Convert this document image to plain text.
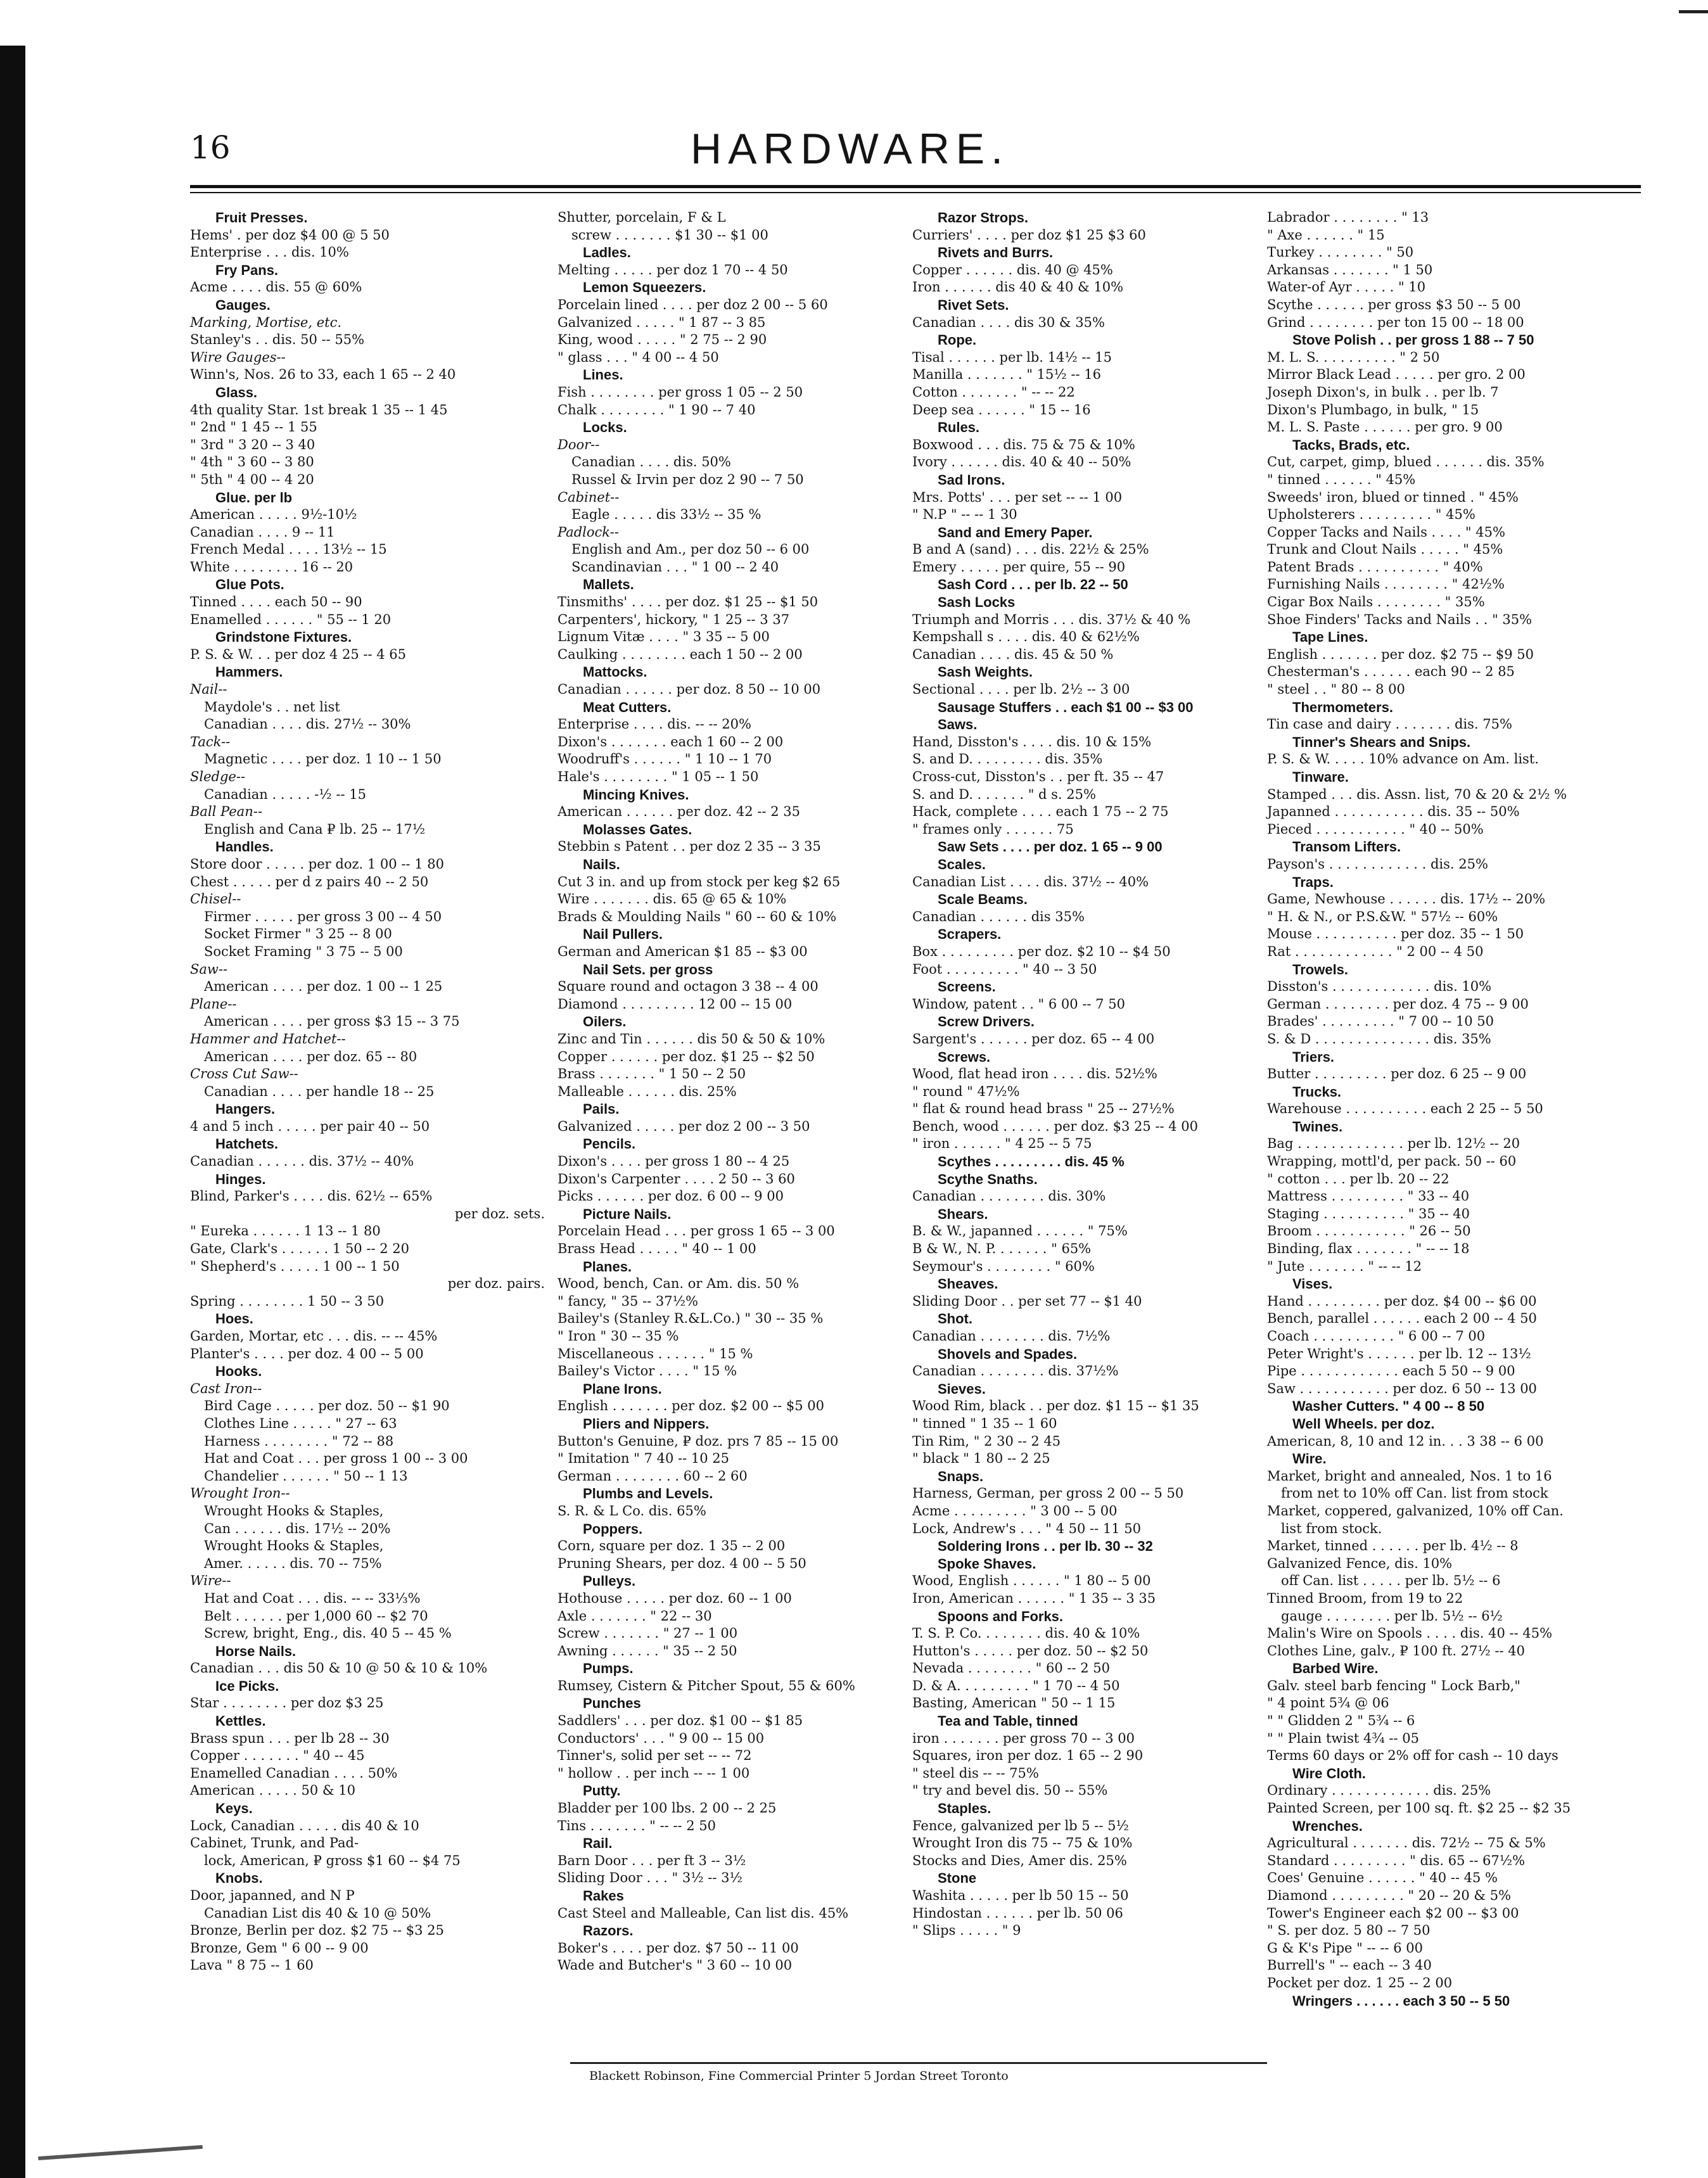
16	HARDWARE.
Fruit Presses.
Hems' . per doz $4 00 @ 5 50
Enterprise . . . dis. 10%
Fry Pans.
Acme . . . . dis. 55 @ 60%
Gauges.
Marking, Mortise, etc.
Stanley's . . dis. 50 -- 55%
Wire Gauges--
Winn's, Nos. 26 to 33, each 1 65 -- 2 40
Glass.
4th quality Star. 1st break 1 35 -- 1 45
" 2nd " 1 45 -- 1 55
" 3rd " 3 20 -- 3 40
" 4th " 3 60 -- 3 80
" 5th " 4 00 -- 4 20
Glue. per lb
American . . . . . 9½-10½
Canadian . . . . 9 -- 11
French Medal . . . . 13½ -- 15
White . . . . . . . . 16 -- 20
Glue Pots.
Tinned . . . . each 50 -- 90
Enamelled . . . . . . " 55 -- 1 20
Grindstone Fixtures.
P. S. & W. . . per doz 4 25 -- 4 65
Hammers.
Nail--
Maydole's . . net list
Canadian . . . . dis. 27½ -- 30%
Tack--
Magnetic . . . . per doz. 1 10 -- 1 50
Sledge--
Canadian . . . . . -½ -- 15
Ball Pean--
English and Cana ₽ lb. 25 -- 17½
Handles.
Store door . . . . . per doz. 1 00 -- 1 80
Chest . . . . . per d z pairs 40 -- 2 50
Chisel--
Firmer . . . . . per gross 3 00 -- 4 50
Socket Firmer " 3 25 -- 8 00
Socket Framing " 3 75 -- 5 00
Saw--
American . . . . per doz. 1 00 -- 1 25
Plane--
American . . . . per gross $3 15 -- 3 75
Hammer and Hatchet--
American . . . . per doz. 65 -- 80
Cross Cut Saw--
Canadian . . . . per handle 18 -- 25
Hangers.
4 and 5 inch . . . . . per pair 40 -- 50
Hatchets.
Canadian . . . . . . dis. 37½ -- 40%
Hinges.
Blind, Parker's . . . . dis. 62½ -- 65%
per doz. sets.
" Eureka . . . . . . 1 13 -- 1 80
Gate, Clark's . . . . . . 1 50 -- 2 20
" Shepherd's . . . . . 1 00 -- 1 50
per doz. pairs.
Spring . . . . . . . . 1 50 -- 3 50
Hoes.
Garden, Mortar, etc . . . dis. -- -- 45%
Planter's . . . . per doz. 4 00 -- 5 00
Hooks.
Cast Iron--
Bird Cage . . . . . per doz. 50 -- $1 90
Clothes Line . . . . . " 27 -- 63
Harness . . . . . . . . " 72 -- 88
Hat and Coat . . . per gross 1 00 -- 3 00
Chandelier . . . . . . " 50 -- 1 13
Wrought Iron--
Wrought Hooks & Staples,
Can . . . . . . dis. 17½ -- 20%
Wrought Hooks & Staples,
Amer. . . . . . dis. 70 -- 75%
Wire--
Hat and Coat . . . dis. -- -- 33⅓%
Belt . . . . . . per 1,000 60 -- $2 70
Screw, bright, Eng., dis. 40 5 -- 45 %
Horse Nails.
Canadian . . . dis 50 & 10 @ 50 & 10 & 10%
Ice Picks.
Star . . . . . . . . per doz $3 25
Kettles.
Brass spun . . . per lb 28 -- 30
Copper . . . . . . . " 40 -- 45
Enamelled Canadian . . . . 50%
American . . . . . 50 & 10
Keys.
Lock, Canadian . . . . . dis 40 & 10
Cabinet, Trunk, and Pad-
lock, American, ₽ gross $1 60 -- $4 75
Knobs.
Door, japanned, and N P
Canadian List dis 40 & 10 @ 50%
Bronze, Berlin per doz. $2 75 -- $3 25
Bronze, Gem " 6 00 -- 9 00
Lava " 8 75 -- 1 60
Shutter, porcelain, F & L
screw . . . . . . . $1 30 -- $1 00
Ladles.
Melting . . . . . per doz 1 70 -- 4 50
Lemon Squeezers.
Porcelain lined . . . . per doz 2 00 -- 5 60
Galvanized . . . . . " 1 87 -- 3 85
King, wood . . . . . " 2 75 -- 2 90
" glass . . . " 4 00 -- 4 50
Lines.
Fish . . . . . . . . per gross 1 05 -- 2 50
Chalk . . . . . . . . " 1 90 -- 7 40
Locks.
Door--
Canadian . . . . dis. 50%
Russel & Irvin per doz 2 90 -- 7 50
Cabinet--
Eagle . . . . . dis 33½ -- 35 %
Padlock--
English and Am., per doz 50 -- 6 00
Scandinavian . . . " 1 00 -- 2 40
Mallets.
Tinsmiths' . . . . per doz. $1 25 -- $1 50
Carpenters', hickory, " 1 25 -- 3 37
Lignum Vitæ . . . . " 3 35 -- 5 00
Caulking . . . . . . . . each 1 50 -- 2 00
Mattocks.
Canadian . . . . . . per doz. 8 50 -- 10 00
Meat Cutters.
Enterprise . . . . dis. -- -- 20%
Dixon's . . . . . . . each 1 60 -- 2 00
Woodruff's . . . . . . " 1 10 -- 1 70
Hale's . . . . . . . . " 1 05 -- 1 50
Mincing Knives.
American . . . . . . per doz. 42 -- 2 35
Molasses Gates.
Stebbin s Patent . . per doz 2 35 -- 3 35
Nails.
Cut 3 in. and up from stock per keg $2 65
Wire . . . . . . . dis. 65 @ 65 & 10%
Brads & Moulding Nails " 60 -- 60 & 10%
Nail Pullers.
German and American $1 85 -- $3 00
Nail Sets. per gross
Square round and octagon 3 38 -- 4 00
Diamond . . . . . . . . . 12 00 -- 15 00
Oilers.
Zinc and Tin . . . . . . dis 50 & 50 & 10%
Copper . . . . . . per doz. $1 25 -- $2 50
Brass . . . . . . . " 1 50 -- 2 50
Malleable . . . . . . dis. 25%
Pails.
Galvanized . . . . . per doz 2 00 -- 3 50
Pencils.
Dixon's . . . . per gross 1 80 -- 4 25
Dixon's Carpenter . . . . 2 50 -- 3 60
Picks . . . . . . per doz. 6 00 -- 9 00
Picture Nails.
Porcelain Head . . . per gross 1 65 -- 3 00
Brass Head . . . . . " 40 -- 1 00
Planes.
Wood, bench, Can. or Am. dis. 50 %
" fancy, " 35 -- 37½%
Bailey's (Stanley R.&L.Co.) " 30 -- 35 %
" Iron " 30 -- 35 %
Miscellaneous . . . . . . " 15 %
Bailey's Victor . . . . " 15 %
Plane Irons.
English . . . . . . . per doz. $2 00 -- $5 00
Pliers and Nippers.
Button's Genuine, ₽ doz. prs 7 85 -- 15 00
" Imitation " 7 40 -- 10 25
German . . . . . . . . 60 -- 2 60
Plumbs and Levels.
S. R. & L Co. dis. 65%
Poppers.
Corn, square per doz. 1 35 -- 2 00
Pruning Shears, per doz. 4 00 -- 5 50
Pulleys.
Hothouse . . . . . per doz. 60 -- 1 00
Axle . . . . . . . " 22 -- 30
Screw . . . . . . . " 27 -- 1 00
Awning . . . . . . " 35 -- 2 50
Pumps.
Rumsey, Cistern & Pitcher Spout, 55 & 60%
Punches
Saddlers' . . . per doz. $1 00 -- $1 85
Conductors' . . . " 9 00 -- 15 00
Tinner's, solid per set -- -- 72
" hollow . . per inch -- -- 1 00
Putty.
Bladder per 100 lbs. 2 00 -- 2 25
Tins . . . . . . . " -- -- 2 50
Rail.
Barn Door . . . per ft 3 -- 3½
Sliding Door . . . " 3½ -- 3½
Rakes
Cast Steel and Malleable, Can list dis. 45%
Razors.
Boker's . . . . per doz. $7 50 -- 11 00
Wade and Butcher's " 3 60 -- 10 00
Razor Strops.
Curriers' . . . . per doz $1 25 $3 60
Rivets and Burrs.
Copper . . . . . . dis. 40 @ 45%
Iron . . . . . . dis 40 & 40 & 10%
Rivet Sets.
Canadian . . . . dis 30 & 35%
Rope.
Tisal . . . . . . per lb. 14½ -- 15
Manilla . . . . . . . " 15½ -- 16
Cotton . . . . . . . " -- -- 22
Deep sea . . . . . . " 15 -- 16
Rules.
Boxwood . . . dis. 75 & 75 & 10%
Ivory . . . . . . dis. 40 & 40 -- 50%
Sad Irons.
Mrs. Potts' . . . per set -- -- 1 00
" N.P " -- -- 1 30
Sand and Emery Paper.
B and A (sand) . . . dis. 22½ & 25%
Emery . . . . . per quire, 55 -- 90
Sash Cord . . . per lb. 22 -- 50
Sash Locks
Triumph and Morris . . . dis. 37½ & 40 %
Kempshall s . . . . dis. 40 & 62½%
Canadian . . . . dis. 45 & 50 %
Sash Weights.
Sectional . . . . per lb. 2½ -- 3 00
Sausage Stuffers . . each $1 00 -- $3 00
Saws.
Hand, Disston's . . . . dis. 10 & 15%
S. and D. . . . . . . . . dis. 35%
Cross-cut, Disston's . . per ft. 35 -- 47
S. and D. . . . . . . " d s. 25%
Hack, complete . . . . each 1 75 -- 2 75
" frames only . . . . . . 75
Saw Sets . . . . per doz. 1 65 -- 9 00
Scales.
Canadian List . . . . dis. 37½ -- 40%
Scale Beams.
Canadian . . . . . . dis 35%
Scrapers.
Box . . . . . . . . . per doz. $2 10 -- $4 50
Foot . . . . . . . . . " 40 -- 3 50
Screens.
Window, patent . . " 6 00 -- 7 50
Screw Drivers.
Sargent's . . . . . . per doz. 65 -- 4 00
Screws.
Wood, flat head iron . . . . dis. 52½%
" round " 47½%
" flat & round head brass " 25 -- 27½%
Bench, wood . . . . . . per doz. $3 25 -- 4 00
" iron . . . . . . " 4 25 -- 5 75
Scythes . . . . . . . . . dis. 45 %
Scythe Snaths.
Canadian . . . . . . . . dis. 30%
Shears.
B. & W., japanned . . . . . . " 75%
B & W., N. P. . . . . . . " 65%
Seymour's . . . . . . . . " 60%
Sheaves.
Sliding Door . . per set 77 -- $1 40
Shot.
Canadian . . . . . . . . dis. 7½%
Shovels and Spades.
Canadian . . . . . . . . dis. 37½%
Sieves.
Wood Rim, black . . per doz. $1 15 -- $1 35
" tinned " 1 35 -- 1 60
Tin Rim, " 2 30 -- 2 45
" black " 1 80 -- 2 25
Snaps.
Harness, German, per gross 2 00 -- 5 50
Acme . . . . . . . . . " 3 00 -- 5 00
Lock, Andrew's . . . " 4 50 -- 11 50
Soldering Irons . . per lb. 30 -- 32
Spoke Shaves.
Wood, English . . . . . . " 1 80 -- 5 00
Iron, American . . . . . . " 1 35 -- 3 35
Spoons and Forks.
T. S. P. Co. . . . . . . . dis. 40 & 10%
Hutton's . . . . . per doz. 50 -- $2 50
Nevada . . . . . . . . " 60 -- 2 50
D. & A. . . . . . . . . " 1 70 -- 4 50
Basting, American " 50 -- 1 15
Tea and Table, tinned
iron . . . . . . . per gross 70 -- 3 00
Squares, iron per doz. 1 65 -- 2 90
" steel dis -- -- 75%
" try and bevel dis. 50 -- 55%
Staples.
Fence, galvanized per lb 5 -- 5½
Wrought Iron dis 75 -- 75 & 10%
Stocks and Dies, Amer dis. 25%
Stone
Washita . . . . . per lb 50 15 -- 50
Hindostan . . . . . . per lb. 50 06
" Slips . . . . . " 9
Labrador . . . . . . . . " 13
" Axe . . . . . . " 15
Turkey . . . . . . . . " 50
Arkansas . . . . . . . " 1 50
Water-of Ayr . . . . . " 10
Scythe . . . . . . per gross $3 50 -- 5 00
Grind . . . . . . . . per ton 15 00 -- 18 00
Stove Polish . . per gross 1 88 -- 7 50
M. L. S. . . . . . . . . . " 2 50
Mirror Black Lead . . . . . per gro. 2 00
Joseph Dixon's, in bulk . . per lb. 7
Dixon's Plumbago, in bulk, " 15
M. L. S. Paste . . . . . . per gro. 9 00
Tacks, Brads, etc.
Cut, carpet, gimp, blued . . . . . . dis. 35%
" tinned . . . . . . " 45%
Sweeds' iron, blued or tinned . " 45%
Upholsterers . . . . . . . . . " 45%
Copper Tacks and Nails . . . . " 45%
Trunk and Clout Nails . . . . . " 45%
Patent Brads . . . . . . . . . . " 40%
Furnishing Nails . . . . . . . . " 42½%
Cigar Box Nails . . . . . . . . " 35%
Shoe Finders' Tacks and Nails . . " 35%
Tape Lines.
English . . . . . . . per doz. $2 75 -- $9 50
Chesterman's . . . . . . each 90 -- 2 85
" steel . . " 80 -- 8 00
Thermometers.
Tin case and dairy . . . . . . . dis. 75%
Tinner's Shears and Snips.
P. S. & W. . . . . 10% advance on Am. list.
Tinware.
Stamped . . . dis. Assn. list, 70 & 20 & 2½ %
Japanned . . . . . . . . . . . dis. 35 -- 50%
Pieced . . . . . . . . . . . " 40 -- 50%
Transom Lifters.
Payson's . . . . . . . . . . . . dis. 25%
Traps.
Game, Newhouse . . . . . . dis. 17½ -- 20%
" H. & N., or P.S.&W. " 57½ -- 60%
Mouse . . . . . . . . . . per doz. 35 -- 1 50
Rat . . . . . . . . . . . . " 2 00 -- 4 50
Trowels.
Disston's . . . . . . . . . . . . dis. 10%
German . . . . . . . . per doz. 4 75 -- 9 00
Brades' . . . . . . . . . " 7 00 -- 10 50
S. & D . . . . . . . . . . . . . . dis. 35%
Triers.
Butter . . . . . . . . . per doz. 6 25 -- 9 00
Trucks.
Warehouse . . . . . . . . . . each 2 25 -- 5 50
Twines.
Bag . . . . . . . . . . . . . per lb. 12½ -- 20
Wrapping, mottl'd, per pack. 50 -- 60
" cotton . . . per lb. 20 -- 22
Mattress . . . . . . . . . " 33 -- 40
Staging . . . . . . . . . . " 35 -- 40
Broom . . . . . . . . . . . " 26 -- 50
Binding, flax . . . . . . . " -- -- 18
" Jute . . . . . . . " -- -- 12
Vises.
Hand . . . . . . . . . per doz. $4 00 -- $6 00
Bench, parallel . . . . . . each 2 00 -- 4 50
Coach . . . . . . . . . . " 6 00 -- 7 00
Peter Wright's . . . . . . per lb. 12 -- 13½
Pipe . . . . . . . . . . . . each 5 50 -- 9 00
Saw . . . . . . . . . . . per doz. 6 50 -- 13 00
Washer Cutters. " 4 00 -- 8 50
Well Wheels. per doz.
American, 8, 10 and 12 in. . . 3 38 -- 6 00
Wire.
Market, bright and annealed, Nos. 1 to 16
from net to 10% off Can. list from stock
Market, coppered, galvanized, 10% off Can.
list from stock.
Market, tinned . . . . . . per lb. 4½ -- 8
Galvanized Fence, dis. 10%
off Can. list . . . . . per lb. 5½ -- 6
Tinned Broom, from 19 to 22
gauge . . . . . . . . per lb. 5½ -- 6½
Malin's Wire on Spools . . . . dis. 40 -- 45%
Clothes Line, galv., ₽ 100 ft. 27½ -- 40
Barbed Wire.
Galv. steel barb fencing " Lock Barb,"
" 4 point 5¾ @ 06
" " Glidden 2 " 5¾ -- 6
" " Plain twist 4¾ -- 05
Terms 60 days or 2% off for cash -- 10 days
Wire Cloth.
Ordinary . . . . . . . . . . . . dis. 25%
Painted Screen, per 100 sq. ft. $2 25 -- $2 35
Wrenches.
Agricultural . . . . . . . dis. 72½ -- 75 & 5%
Standard . . . . . . . . . " dis. 65 -- 67½%
Coes' Genuine . . . . . . " 40 -- 45 %
Diamond . . . . . . . . . " 20 -- 20 & 5%
Tower's Engineer each $2 00 -- $3 00
" S. per doz. 5 80 -- 7 50
G & K's Pipe " -- -- 6 00
Burrell's " -- each -- 3 40
Pocket per doz. 1 25 -- 2 00
Wringers . . . . . . each 3 50 -- 5 50
Blackett Robinson, Fine Commercial Printer 5 Jordan Street Toronto
